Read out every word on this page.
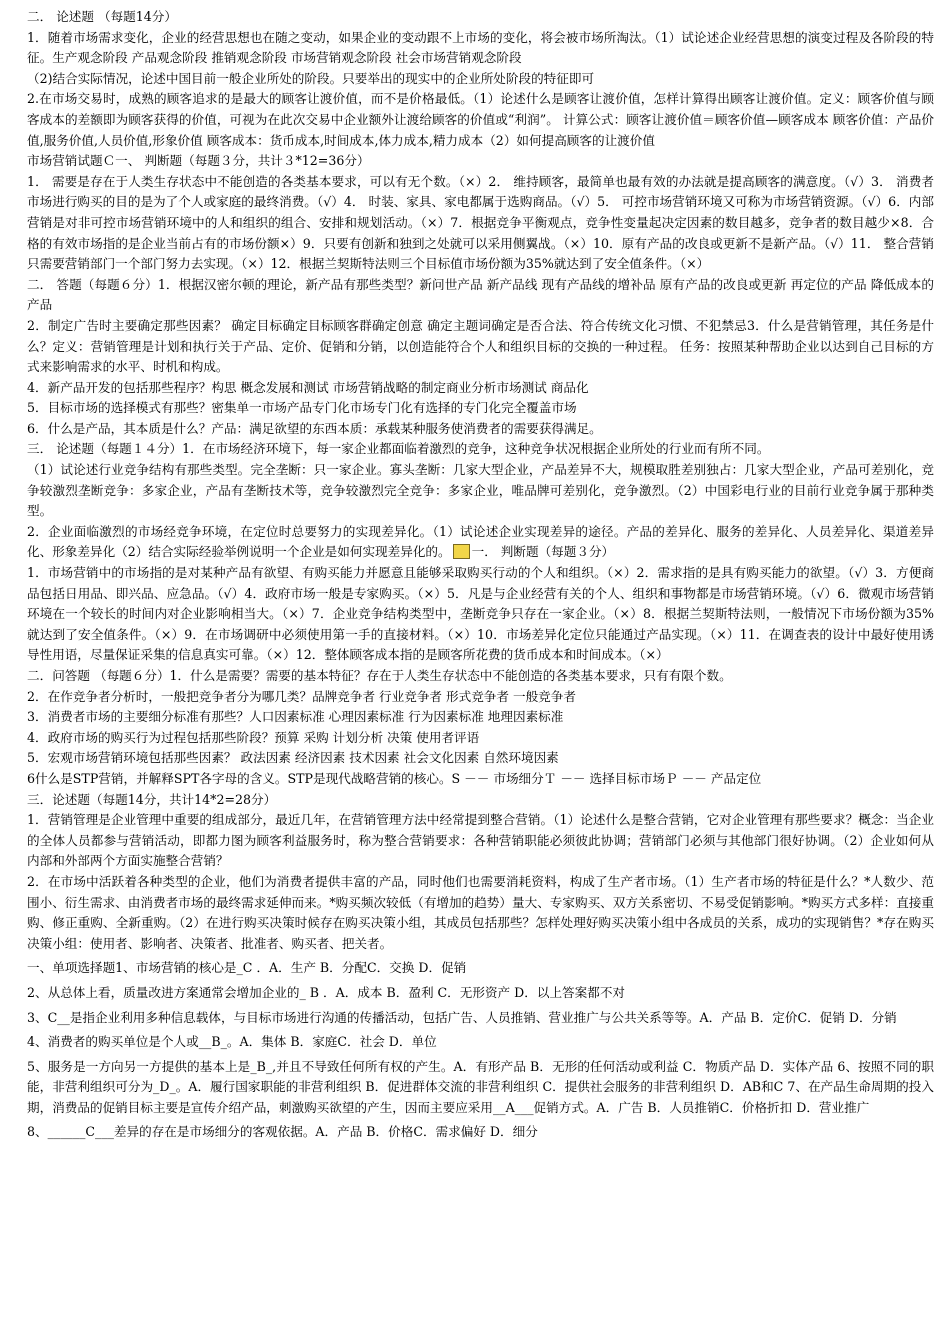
二． 论述题 （每题14分）

1．随着市场需求变化，企业的经营思想也在随之变动，如果企业的变动跟不上市场的变化，将会被市场所淘汰。（1）试论述企业经营思想的演变过程及各阶段的特征。生产观念阶段 产品观念阶段 推销观念阶段 市场营销观念阶段 社会市场营销观念阶段

（2)结合实际情况，论述中国目前一般企业所处的阶段。只要举出的现实中的企业所处阶段的特征即可

2.在市场交易时，成熟的顾客追求的是最大的顾客让渡价值，而不是价格最低。（1）论述什么是顾客让渡价值，怎样计算得出顾客让渡价值。定义：顾客价值与顾客成本的差额即为顾客获得的价值，可视为在此次交易中企业额外让渡给顾客的价值或“利润”。 计算公式：顾客让渡价值＝顾客价值—顾客成本 顾客价值：产品价值,服务价值,人员价值,形象价值 顾客成本：货币成本,时间成本,体力成本,精力成本（2）如何提高顾客的让渡价值

市场营销试题Ｃ一、 判断题（每题３分，共计３*12=36分）

1． 需要是存在于人类生存状态中不能创造的各类基本要求，可以有无个数。（×）2． 维持顾客，最简单也最有效的办法就是提高顾客的满意度。（√）3． 消费者市场进行购买的目的是为了个人或家庭的最终消费。（√）4． 时装、家具、家电都属于选购商品。（√）5． 可控市场营销环境又可称为市场营销资源。（√）6．内部营销是对非可控市场营销环境中的人和组织的组合、安排和规划活动。（×）7．根据竞争平衡观点，竞争性变量起决定因素的数目越多，竞争者的数目越少×8．合格的有效市场指的是企业当前占有的市场份额×）9．只要有创新和独到之处就可以采用侧翼战。（×）10．原有产品的改良或更新不是新产品。（√）11． 整合营销只需要营销部门一个部门努力去实现。（×）12．根据兰契斯特法则三个目标值市场份额为35%就达到了安全值条件。（×）

二． 答题（每题６分）1．根据汉密尔顿的理论，新产品有那些类型？新问世产品 新产品线 现有产品线的增补品 原有产品的改良或更新 再定位的产品 降低成本的产品

2．制定广告时主要确定那些因素？ 确定目标确定目标顾客群确定创意 确定主题词确定是否合法、符合传统文化习惯、不犯禁忌3．什么是营销管理，其任务是什么？定义：营销管理是计划和执行关于产品、定价、促销和分销，以创造能符合个人和组织目标的交换的一种过程。 任务：按照某种帮助企业以达到自己目标的方式来影响需求的水平、时机和构成。

4．新产品开发的包括那些程序？构思 概念发展和测试 市场营销战略的制定商业分析市场测试 商品化

5．目标市场的选择模式有那些？密集单一市场产品专门化市场专门化有选择的专门化完全覆盖市场

6．什么是产品，其本质是什么？产品：满足欲望的东西本质：承载某种服务使消费者的需要获得满足。

三． 论述题（每题１４分）1．在市场经济环境下，每一家企业都面临着激烈的竞争，这种竞争状况根据企业所处的行业而有所不同。

（1）试论述行业竞争结构有那些类型。完全垄断：只一家企业。寡头垄断：几家大型企业，产品差异不大，规模取胜差别独占：几家大型企业，产品可差别化，竞争较激烈垄断竞争：多家企业，产品有垄断技术等，竞争较激烈完全竞争：多家企业，唯品牌可差别化，竞争激烈。（2）中国彩电行业的目前行业竞争属于那种类型。

2．企业面临激烈的市场经竞争环境，在定位时总要努力的实现差异化。（1）试论述企业实现差异的途径。产品的差异化、服务的差异化、人员差异化、渠道差异化、形象差异化（2）结合实际经验举例说明一个企业是如何实现差异化的。 一． 判断题（每题３分）

1．市场营销中的市场指的是对某种产品有欲望、有购买能力并愿意且能够采取购买行动的个人和组织。（×）2．需求指的是具有购买能力的欲望。（√）3．方便商品包括日用品、即兴品、应急品。（√）4．政府市场一般是专家购买。（×）5．凡是与企业经营有关的个人、组织和事物都是市场营销环境。（√）6．微观市场营销环境在一个较长的时间内对企业影响相当大。（×）7．企业竞争结构类型中，垄断竞争只存在一家企业。（×）8．根据兰契斯特法则，一般情况下市场份额为35%就达到了安全值条件。（×）9．在市场调研中必须使用第一手的直接材料。（×）10．市场差异化定位只能通过产品实现。（×）11．在调查表的设计中最好使用诱导性用语，尽量保证采集的信息真实可靠。（×）12．整体顾客成本指的是顾客所花费的货币成本和时间成本。（×）

二．问答题 （每题６分）1．什么是需要？需要的基本特征？存在于人类生存状态中不能创造的各类基本要求，只有有限个数。

2．在作竞争者分析时，一般把竞争者分为哪几类？品牌竞争者 行业竞争者 形式竞争者 一般竞争者

3．消费者市场的主要细分标准有那些？人口因素标准 心理因素标准 行为因素标准 地理因素标准

4．政府市场的购买行为过程包括那些阶段？预算 采购 计划分析 决策 使用者评语

5．宏观市场营销环境包括那些因素？ 政法因素 经济因素 技术因素 社会文化因素 自然环境因素

6什么是STP营销，并解释SPT各字母的含义。STP是现代战略营销的核心。S －－ 市场细分Ｔ －－ 选择目标市场Ｐ －－ 产品定位

三．论述题（每题14分，共计14*2=28分）

1．营销管理是企业管理中重要的组成部分，最近几年，在营销管理方法中经常提到整合营销。（1）论述什么是整合营销，它对企业管理有那些要求？概念：当企业的全体人员都参与营销活动，即都力图为顾客利益服务时，称为整合营销要求：各种营销职能必须彼此协调；营销部门必须与其他部门很好协调。（2）企业如何从内部和外部两个方面实施整合营销？

2．在市场中活跃着各种类型的企业，他们为消费者提供丰富的产品，同时他们也需要消耗资料，构成了生产者市场。（1）生产者市场的特征是什么？*人数少、范围小、衍生需求、由消费者市场的最终需求延伸而来。*购买频次较低（有增加的趋势）量大、专家购买、双方关系密切、不易受促销影响。*购买方式多样：直接重购、修正重购、全新重购。（2）在进行购买决策时候存在购买决策小组，其成员包括那些？怎样处理好购买决策小组中各成员的关系，成功的实现销售？*存在购买决策小组：使用者、影响者、决策者、批准者、购买者、把关者。

一、单项选择题1、市场营销的核心是_C ．A．生产 B．分配C．交换 D．促销

2、从总体上看，质量改进方案通常会增加企业的_ B ．A．成本 B．盈利 C．无形资产 D．以上答案都不对

3、C__是指企业利用多种信息载体，与目标市场进行沟通的传播活动，包括广告、人员推销、营业推广与公共关系等等。A．产品 B．定价C．促销 D．分销

4、消费者的购买单位是个人或__B_。A．集体 B．家庭C．社会 D．单位

5、服务是一方向另一方提供的基本上是_B_,并且不导致任何所有权的产生。A．有形产品 B．无形的任何活动或利益 C．物质产品 D．实体产品 6、按照不同的职能，非营利组织可分为_D_。A．履行国家职能的非营利组织 B．促进群体交流的非营利组织 C．提供社会服务的非营利组织 D．AB和C 7、在产品生命周期的投入期，消费品的促销目标主要是宣传介绍产品，刺激购买欲望的产生，因而主要应采用__A___促销方式。A．广告 B．人员推销C．价格折扣 D．营业推广

8、______C___差异的存在是市场细分的客观依据。A．产品 B．价格C．需求偏好 D．细分
